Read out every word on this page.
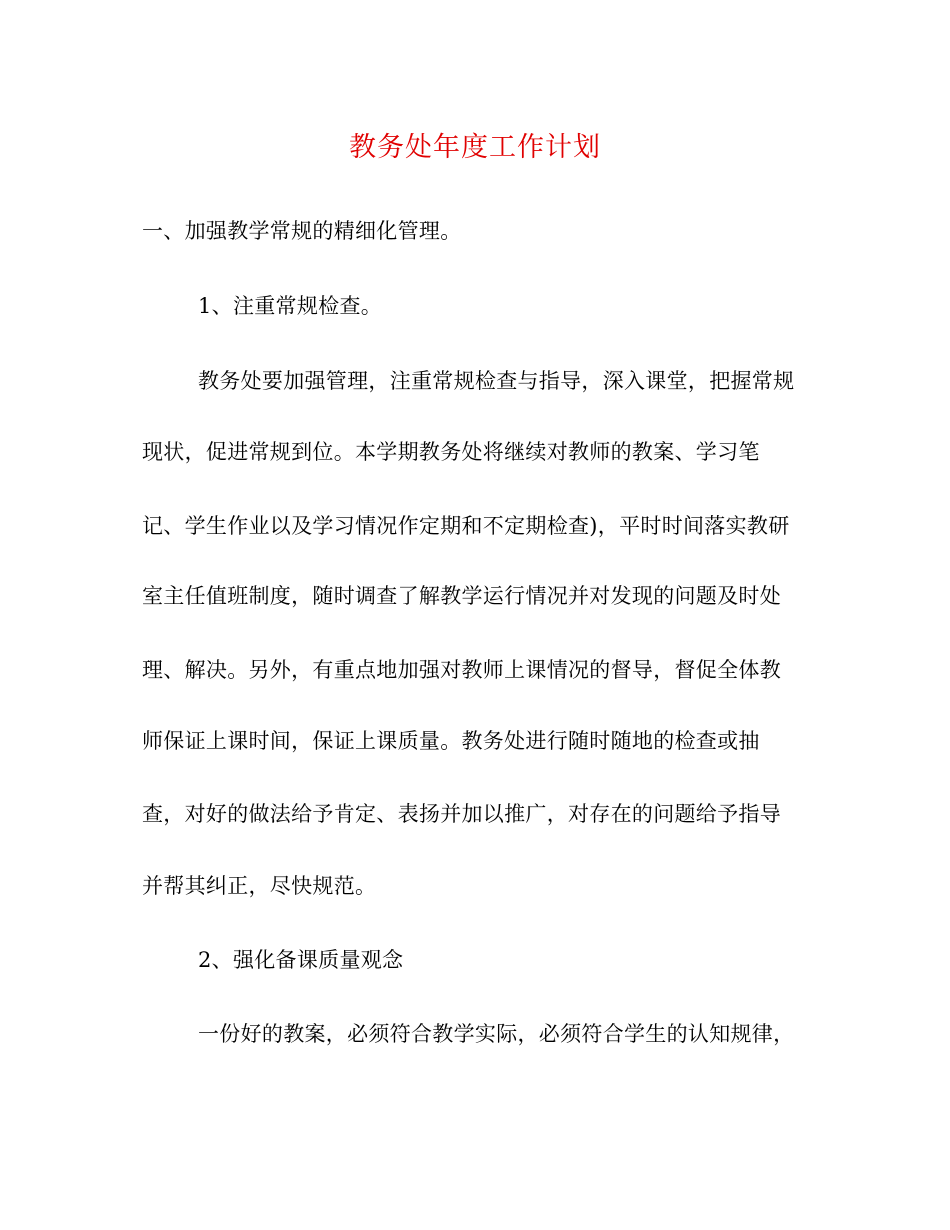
教务处年度工作计划
一、加强教学常规的精细化管理。
1、注重常规检查。
教务处要加强管理，注重常规检查与指导，深入课堂，把握常规
现状，促进常规到位。本学期教务处将继续对教师的教案、学习笔
记、学生作业以及学习情况作定期和不定期检查)，平时时间落实教研
室主任值班制度，随时调查了解教学运行情况并对发现的问题及时处
理、解决。另外，有重点地加强对教师上课情况的督导，督促全体教
师保证上课时间，保证上课质量。教务处进行随时随地的检查或抽
查，对好的做法给予肯定、表扬并加以推广，对存在的问题给予指导
并帮其纠正，尽快规范。
2、强化备课质量观念
一份好的教案，必须符合教学实际，必须符合学生的认知规律，
